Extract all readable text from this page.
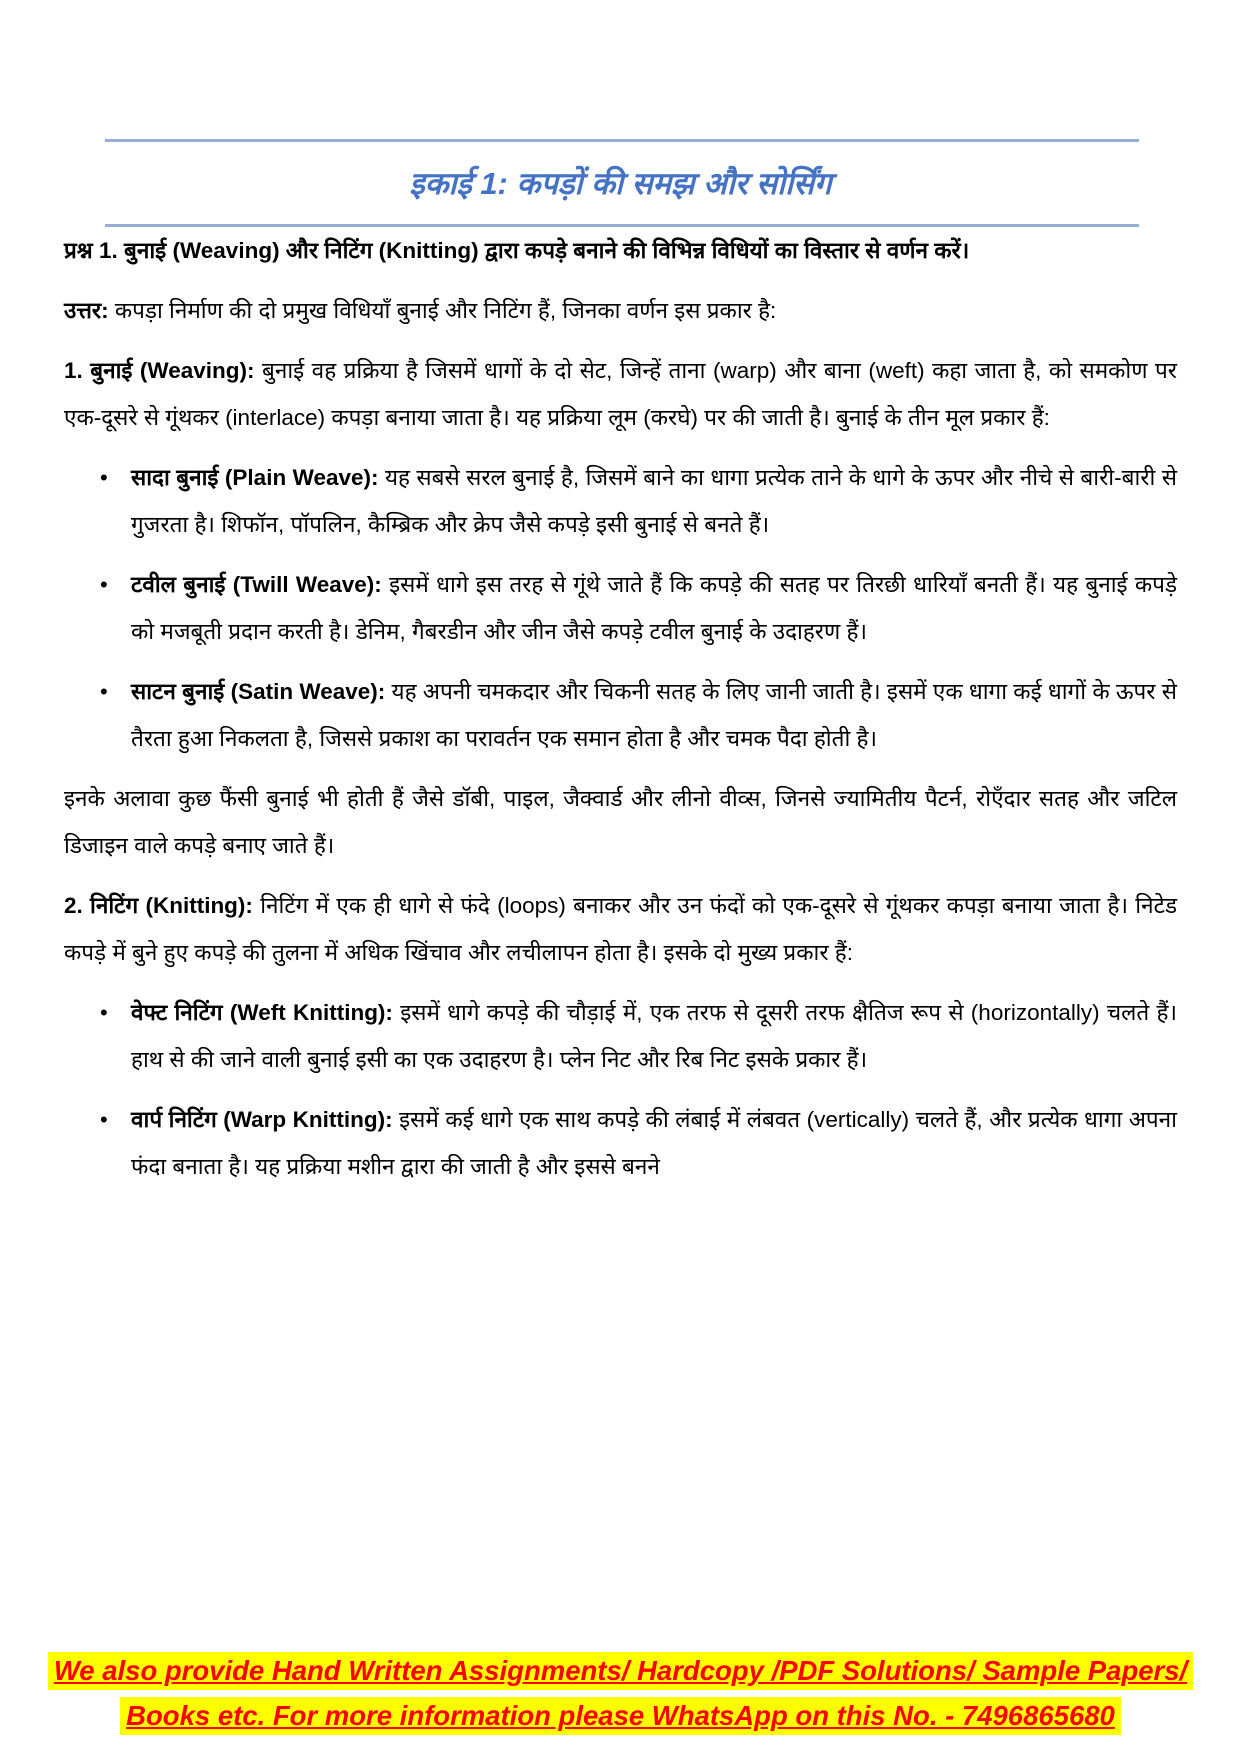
इकाई 1: कपड़ों की समझ और सोर्सिंग

प्रश्न 1. बुनाई (Weaving) और निटिंग (Knitting) द्वारा कपड़े बनाने की विभिन्न विधियों का विस्तार से वर्णन करें।

उत्तर: कपड़ा निर्माण की दो प्रमुख विधियाँ बुनाई और निटिंग हैं, जिनका वर्णन इस प्रकार है:

1. बुनाई (Weaving): बुनाई वह प्रक्रिया है जिसमें धागों के दो सेट, जिन्हें ताना (warp) और बाना (weft) कहा जाता है, को समकोण पर एक-दूसरे से गूंथकर (interlace) कपड़ा बनाया जाता है। यह प्रक्रिया लूम (करघे) पर की जाती है। बुनाई के तीन मूल प्रकार हैं:

• सादा बुनाई (Plain Weave): यह सबसे सरल बुनाई है, जिसमें बाने का धागा प्रत्येक ताने के धागे के ऊपर और नीचे से बारी-बारी से गुजरता है। शिफॉन, पॉपलिन, कैम्ब्रिक और क्रेप जैसे कपड़े इसी बुनाई से बनते हैं।
• टवील बुनाई (Twill Weave): इसमें धागे इस तरह से गूंथे जाते हैं कि कपड़े की सतह पर तिरछी धारियाँ बनती हैं। यह बुनाई कपड़े को मजबूती प्रदान करती है। डेनिम, गैबरडीन और जीन जैसे कपड़े टवील बुनाई के उदाहरण हैं।
• साटन बुनाई (Satin Weave): यह अपनी चमकदार और चिकनी सतह के लिए जानी जाती है। इसमें एक धागा कई धागों के ऊपर से तैरता हुआ निकलता है, जिससे प्रकाश का परावर्तन एक समान होता है और चमक पैदा होती है।

इनके अलावा कुछ फैंसी बुनाई भी होती हैं जैसे डॉबी, पाइल, जैक्वार्ड और लीनो वीव्स, जिनसे ज्यामितीय पैटर्न, रोएँदार सतह और जटिल डिजाइन वाले कपड़े बनाए जाते हैं।

2. निटिंग (Knitting): निटिंग में एक ही धागे से फंदे (loops) बनाकर और उन फंदों को एक-दूसरे से गूंथकर कपड़ा बनाया जाता है। निटेड कपड़े में बुने हुए कपड़े की तुलना में अधिक खिंचाव और लचीलापन होता है। इसके दो मुख्य प्रकार हैं:

• वेफ्ट निटिंग (Weft Knitting): इसमें धागे कपड़े की चौड़ाई में, एक तरफ से दूसरी तरफ क्षैतिज रूप से (horizontally) चलते हैं। हाथ से की जाने वाली बुनाई इसी का एक उदाहरण है। प्लेन निट और रिब निट इसके प्रकार हैं।
• वार्प निटिंग (Warp Knitting): इसमें कई धागे एक साथ कपड़े की लंबाई में लंबवत (vertically) चलते हैं, और प्रत्येक धागा अपना फंदा बनाता है। यह प्रक्रिया मशीन द्वारा की जाती है और इससे बनने
We also provide Hand Written Assignments/ Hardcopy /PDF Solutions/ Sample Papers/
Books etc. For more information please WhatsApp on this No. - 7496865680
